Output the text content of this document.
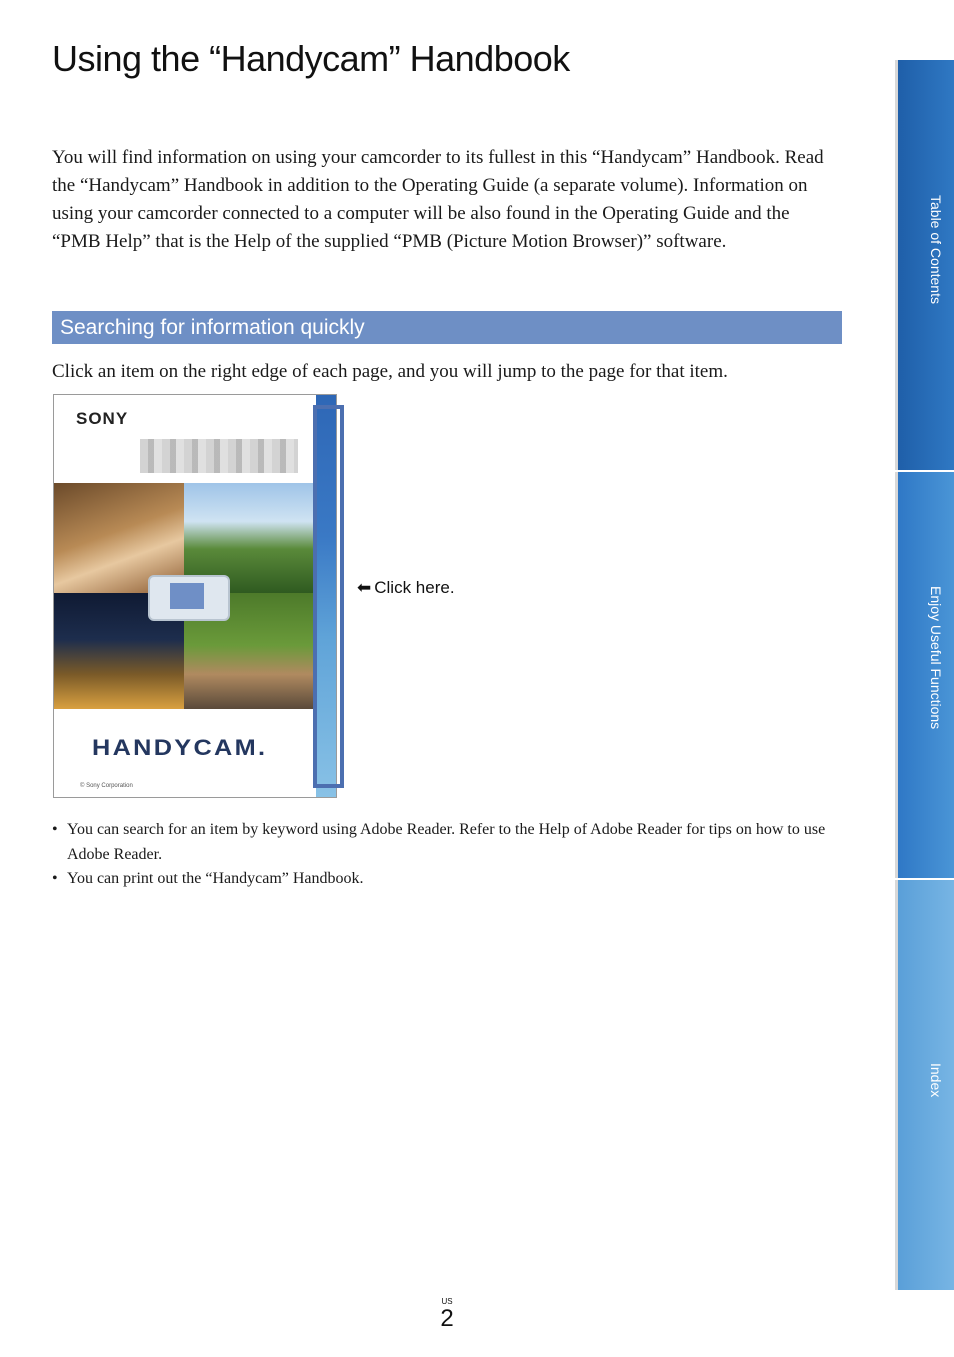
Using the “Handycam” Handbook

You will find information on using your camcorder to its fullest in this “Handycam” Handbook. Read the “Handycam” Handbook in addition to the Operating Guide (a separate volume). Information on using your camcorder connected to a computer will be also found in the Operating Guide and the “PMB Help” that is the Help of the supplied “PMB (Picture Motion Browser)” software.

Searching for information quickly

Click an item on the right edge of each page, and you will jump to the page for that item.

SONY
HANDYCAM.
© Sony Corporation
⬅ Click here.
• You can search for an item by keyword using Adobe Reader. Refer to the Help of Adobe Reader for tips on how to use Adobe Reader.
• You can print out the “Handycam” Handbook.
Table of Contents
Enjoy Useful Functions
Index
US
2
